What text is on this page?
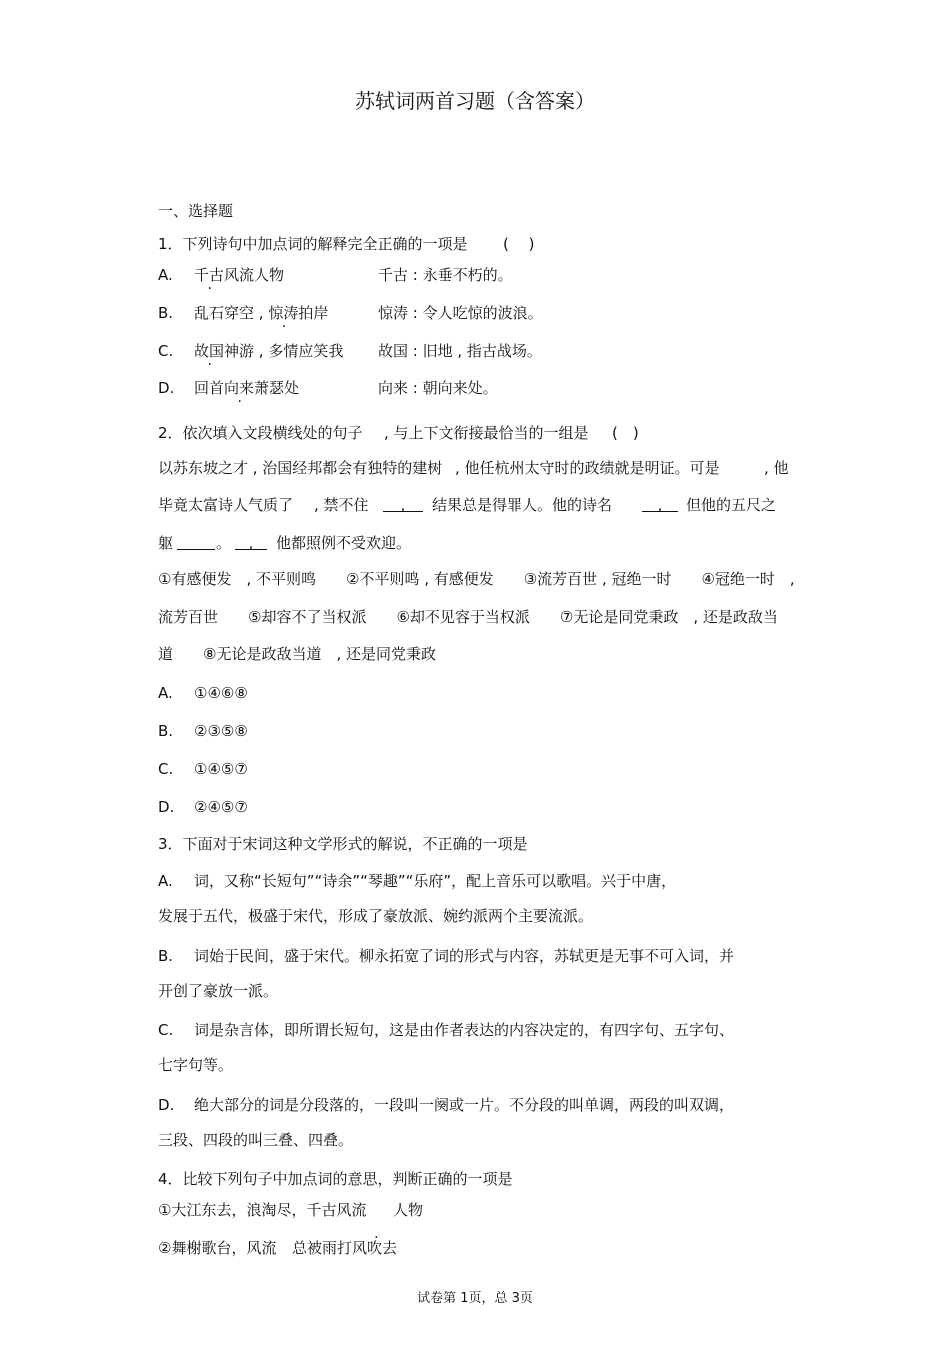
苏轼词两首习题（含答案）
一、选择题
1．下列诗句中加点词的解释完全正确的一项是 (　 )
A. 千古风流人物	千古 : 永垂不朽的。
B. 乱石穿空 , 惊涛拍岸	惊涛 : 令人吃惊的波浪。
C. 故国神游 , 多情应笑我 故国 : 旧地 , 指古战场。
D. 回首向来萧瑟处	向来 : 朝向来处。
2．依次填入文段横线处的句子 , 与上下文衔接最恰当的一组是 (　)
以苏东坡之才 , 治国经邦都会有独特的建树 , 他任杭州太守时的政绩就是明证。可是	, 他
毕竟太富诗人气质了 , 禁不住	,	结果总是得罪人。他的诗名	,	但他的五尺之
躯	。	,	他都照例不受欢迎。
①有感便发　, 不平则鸣　　②不平则鸣 , 有感便发　　③流芳百世 , 冠绝一时　　④冠绝一时　,
流芳百世　　⑤却容不了当权派　　⑥却不见容于当权派　　⑦无论是同党秉政　, 还是政敌当
道　　⑧无论是政敌当道　, 还是同党秉政
A. ①④⑥⑧
B. ②③⑤⑧
C. ①④⑤⑦
D. ②④⑤⑦
3．下面对于宋词这种文学形式的解说，不正确的一项是
A. 词，又称“长短句”“诗余”“琴趣”“乐府”，配上音乐可以歌唱。兴于中唐，
发展于五代，极盛于宋代，形成了豪放派、婉约派两个主要流派。
B. 词始于民间，盛于宋代。柳永拓宽了词的形式与内容，苏轼更是无事不可入词，并
开创了豪放一派。
C. 词是杂言体，即所谓长短句，这是由作者表达的内容决定的，有四字句、五字句、
七字句等。
D. 绝大部分的词是分段落的，一段叫一阕或一片。不分段的叫单调，两段的叫双调，
三段、四段的叫三叠、四叠。
4．比较下列句子中加点词的意思，判断正确的一项是
①大江东去，浪淘尽，千古风流 人物
②舞榭歌台，风流 总被雨打风吹去
试卷第 1页，总 3页
